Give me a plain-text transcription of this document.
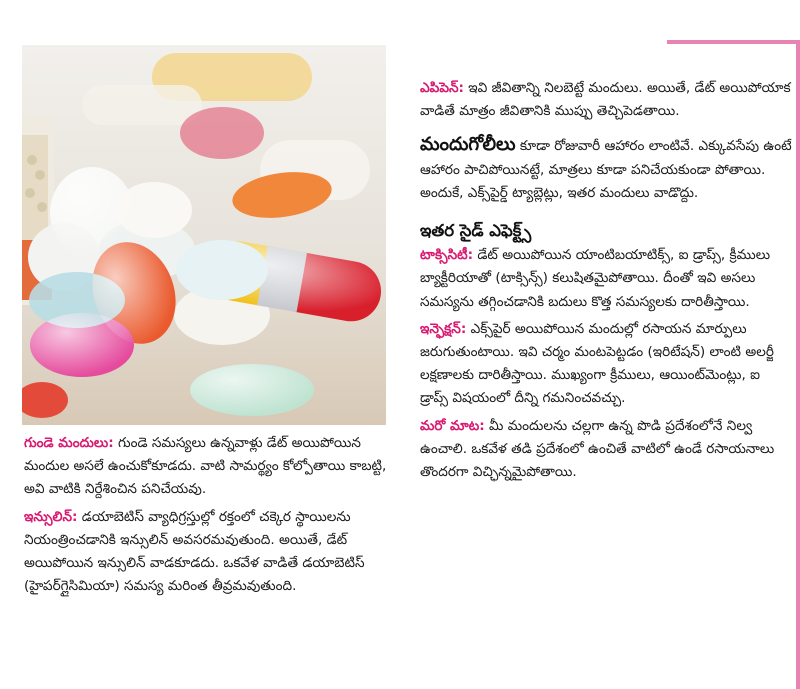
గుండె మందులు: గుండె సమస్యలు ఉన్నవాళ్లు డేట్ అయిపోయిన మందుల అసలే ఉంచుకోకూడదు. వాటి సామర్థ్యం కోల్పోతాయి కాబట్టి, అవి వాటికి నిర్దేశించిన పనిచేయవు.

ఇన్సులిన్: డయాబెటిస్ వ్యాధిగ్రస్తుల్లో రక్తంలో చక్కెర స్థాయిలను నియంత్రించడానికి ఇన్సులిన్ అవసరమవుతుంది. అయితే, డేట్ అయిపోయిన ఇన్సులిన్ వాడకూడదు. ఒకవేళ వాడితే డయాబెటిస్ (హైపర్‌గ్లైసిమియా) సమస్య మరింత తీవ్రమవుతుంది.

ఎపిపెన్: ఇవి జీవితాన్ని నిలబెట్టే మందులు. అయితే, డేట్ అయిపోయాక వాడితే మాత్రం జీవితానికి ముప్పు తెచ్చిపెడతాయి.

మందుగోలీలు కూడా రోజువారీ ఆహారం లాంటివే. ఎక్కువసేపు ఉంటే ఆహారం పాచిపోయినట్టే, మాత్రలు కూడా పనిచేయకుండా పోతాయి. అందుకే, ఎక్స్‌పైర్డ్ ట్యాబ్లెట్లు, ఇతర మందులు వాడొద్దు.

ఇతర సైడ్ ఎఫెక్ట్స్

టాక్సిసిటీ: డేట్ అయిపోయిన యాంటిబయాటిక్స్, ఐ డ్రాప్స్, క్రీములు బ్యాక్టీరియాతో (టాక్సిన్స్) కలుషితమైపోతాయి. దీంతో ఇవి అసలు సమస్యను తగ్గించడానికి బదులు కొత్త సమస్యలకు దారితీస్తాయి.

ఇన్ఫెక్షన్: ఎక్స్‌పైర్ అయిపోయిన మందుల్లో రసాయన మార్పులు జరుగుతుంటాయి. ఇవి చర్మం మంటపెట్టడం (ఇరిటేషన్) లాంటి అలర్జీ లక్షణాలకు దారితీస్తాయి. ముఖ్యంగా క్రీములు, ఆయింట్‌మెంట్లు, ఐ డ్రాప్స్ విషయంలో దీన్ని గమనించవచ్చు.

మరో మాట: మీ మందులను చల్లగా ఉన్న పొడి ప్రదేశంలోనే నిల్వ ఉంచాలి. ఒకవేళ తడి ప్రదేశంలో ఉంచితే వాటిలో ఉండే రసాయనాలు తొందరగా విచ్ఛిన్నమైపోతాయి.
